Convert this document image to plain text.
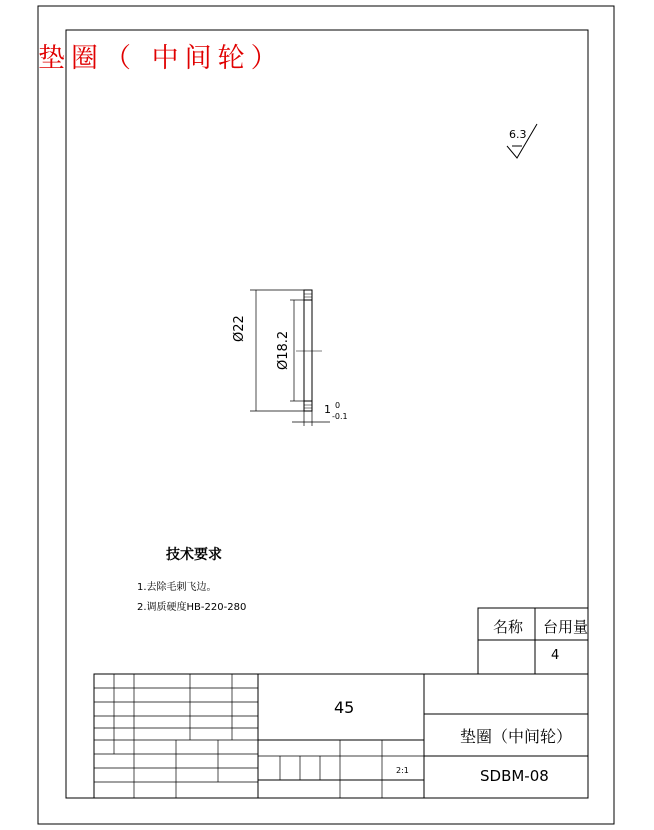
垫圈（ 中间轮）
6.3
Ø22
Ø18.2
1 0
-0.1
技术要求
1.去除毛刺飞边。
2.调质硬度HB-220-280
名称 台用量
4
45
垫圈（中间轮）
SDBM-08
2:1
